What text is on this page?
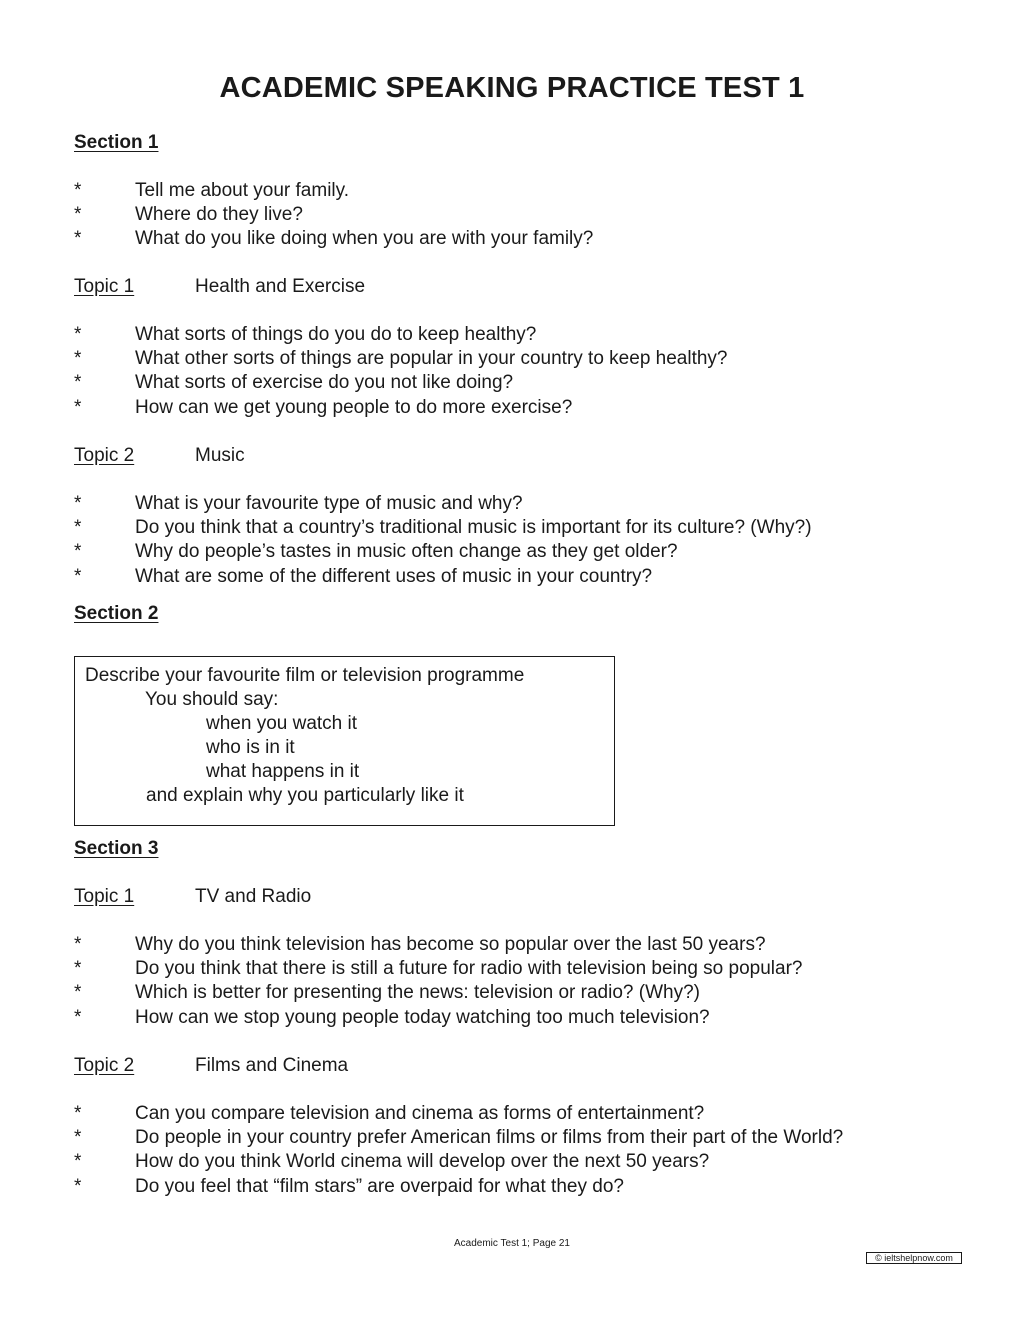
ACADEMIC SPEAKING PRACTICE TEST 1
Section 1
*	Tell me about your family.
*	Where do they live?
*	What do you like doing when you are with your family?
Topic 1	Health and Exercise
*	What sorts of things do you do to keep healthy?
*	What other sorts of things are popular in your country to keep healthy?
*	What sorts of exercise do you not like doing?
*	How can we get young people to do more exercise?
Topic 2	Music
*	What is your favourite type of music and why?
*	Do you think that a country’s traditional music is important for its culture? (Why?)
*	Why do people’s tastes in music often change as they get older?
*	What are some of the different uses of music in your country?
Section 2
Describe your favourite film or television programme
You should say:
when you watch it
who is in it
what happens in it
and explain why you particularly like it
Section 3
Topic 1	TV and Radio
*	Why do you think television has become so popular over the last 50 years?
*	Do you think that there is still a future for radio with television being so popular?
*	Which is better for presenting the news: television or radio? (Why?)
*	How can we stop young people today watching too much television?
Topic 2	Films and Cinema
*	Can you compare television and cinema as forms of entertainment?
*	Do people in your country prefer American films or films from their part of the World?
*	How do you think World cinema will develop over the next 50 years?
*	Do you feel that “film stars” are overpaid for what they do?
Academic Test 1; Page 21
© ieltshelpnow.com
